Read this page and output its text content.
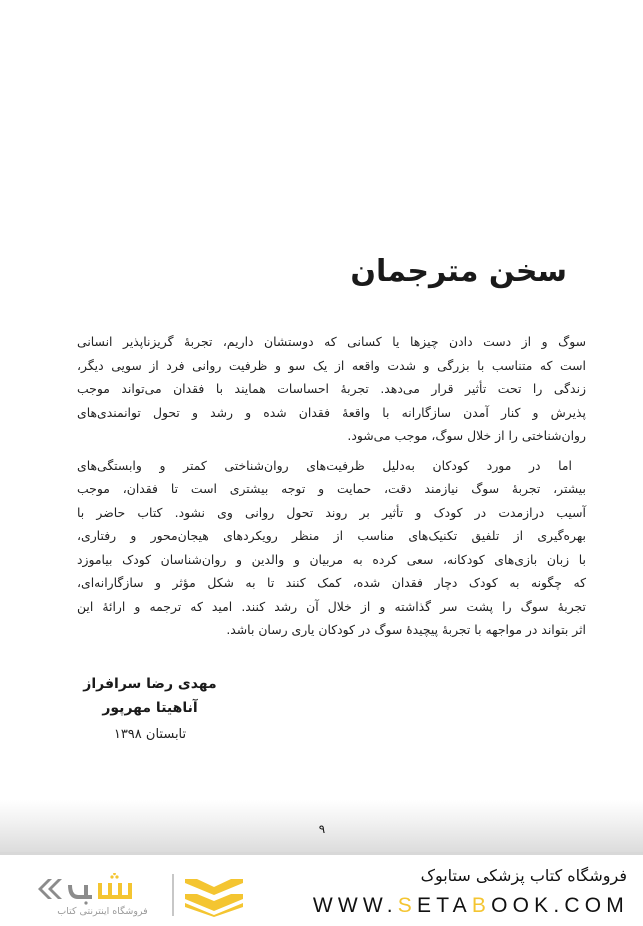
سخن مترجمان
سوگ و از دست دادن چیزها یا کسانی که دوستشان داریم، تجربهٔ گریزناپذیر انسانی
است که متناسب با بزرگی و شدت واقعه از یک سو و ظرفیت روانی فرد از سویی دیگر،
زندگی را تحت تأثیر قرار می‌دهد. تجربهٔ احساسات همایند با فقدان می‌تواند موجب
پذیرش و کنار آمدن سازگارانه با واقعهٔ فقدان شده و رشد و تحول توانمندی‌های
روان‌شناختی را از خلال سوگ، موجب می‌شود.
اما در مورد کودکان به‌دلیل ظرفیت‌های روان‌شناختی کمتر و وابستگی‌های
بیشتر، تجربهٔ سوگ نیازمند دقت، حمایت و توجه بیشتری است تا فقدان، موجب
آسیب درازمدت در کودک و تأثیر بر روند تحول روانی وی نشود. کتاب حاضر با
بهره‌گیری از تلفیق تکنیک‌های مناسب از منظر رویکردهای هیجان‌محور و رفتاری،
با زبان بازی‌های کودکانه، سعی کرده به مربیان و والدین و روان‌شناسان کودک بیاموزد
که چگونه به کودک دچار فقدان شده، کمک کنند تا به شکل مؤثر و سازگارانه‌ای،
تجربهٔ سوگ را پشت سر گذاشته و از خلال آن رشد کنند. امید که ترجمه و ارائهٔ این
اثر بتواند در مواجهه با تجربهٔ پیچیدهٔ سوگ در کودکان یاری رسان باشد.
مهدی رضا سرافراز
آناهیتا مهرپور
تابستان ۱۳۹۸
۹
فروشگاه اینترنتی کتاب
فروشگاه کتاب پزشکی ستابوک
WWW.SETABOOK.COM
